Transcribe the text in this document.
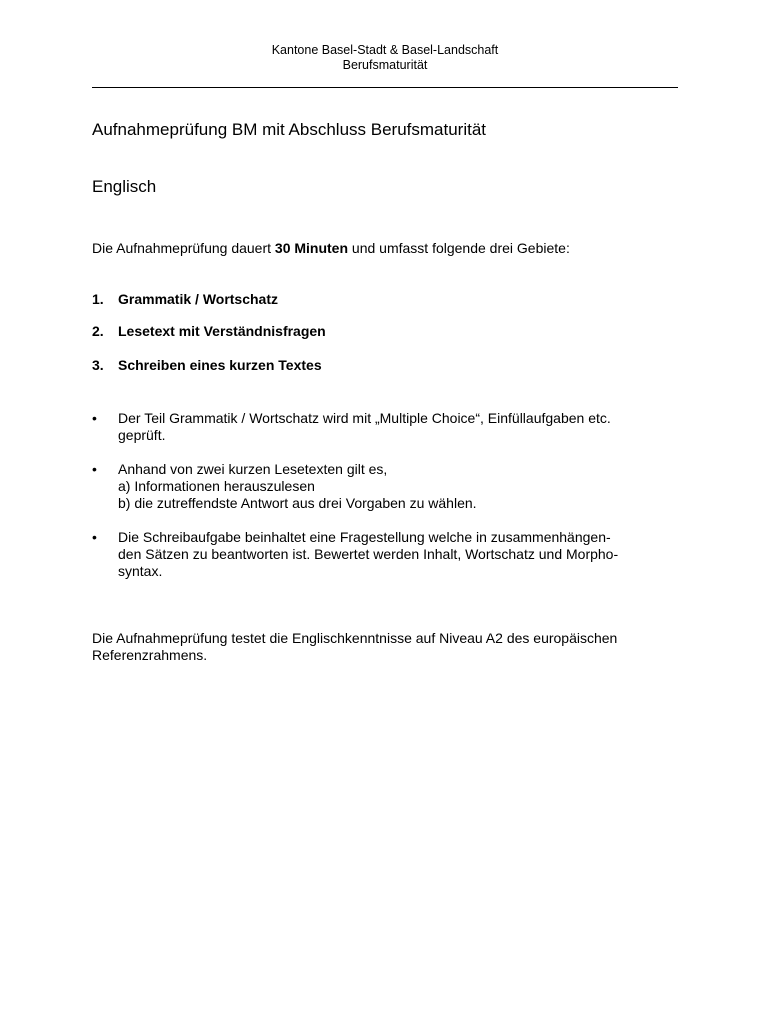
Kantone Basel-Stadt & Basel-Landschaft
Berufsmaturität
Aufnahmeprüfung BM mit Abschluss Berufsmaturität
Englisch
Die Aufnahmeprüfung dauert 30 Minuten und umfasst folgende drei Gebiete:
1. Grammatik / Wortschatz
2. Lesetext mit Verständnisfragen
3. Schreiben eines kurzen Textes
•	Der Teil Grammatik / Wortschatz wird mit „Multiple Choice“, Einfüllaufgaben etc.
geprüft.
•	Anhand von zwei kurzen Lesetexten gilt es,
a) Informationen herauszulesen
b) die zutreffendste Antwort aus drei Vorgaben zu wählen.
•	Die Schreibaufgabe beinhaltet eine Fragestellung welche in zusammenhängen-
den Sätzen zu beantworten ist. Bewertet werden Inhalt, Wortschatz und Morpho-
syntax.
Die Aufnahmeprüfung testet die Englischkenntnisse auf Niveau A2 des europäischen
Referenzrahmens.
